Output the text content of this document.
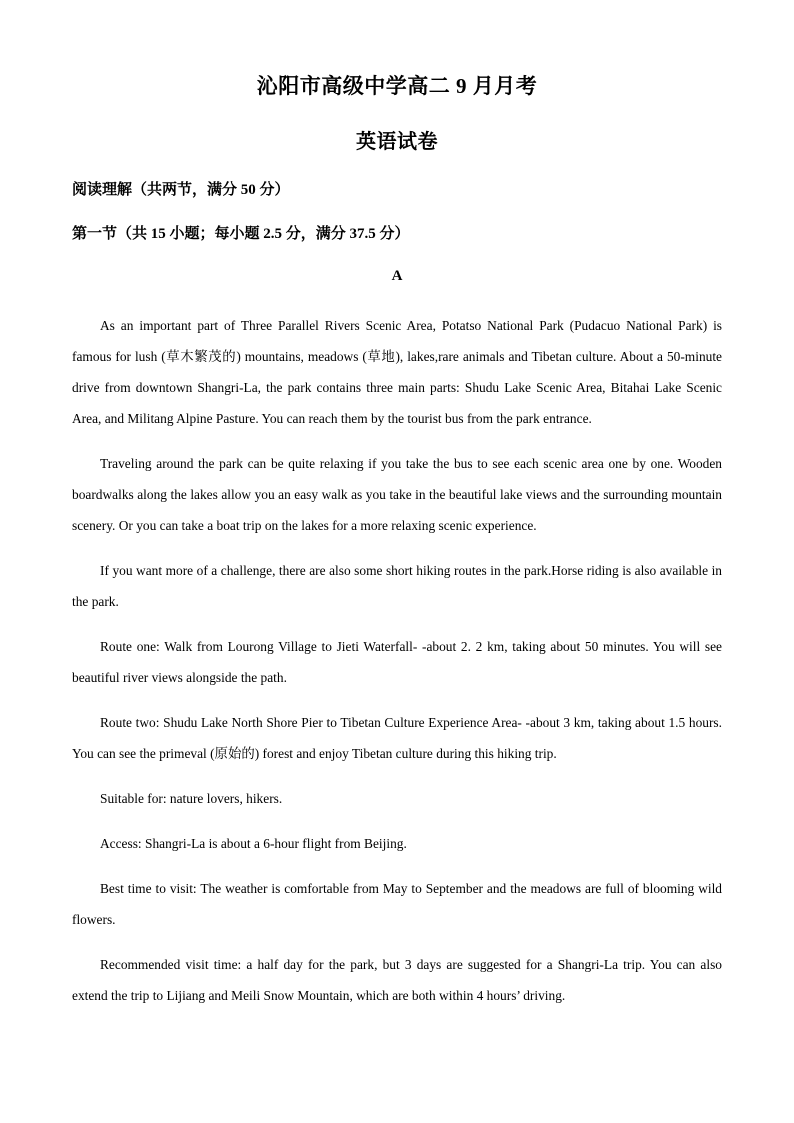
沁阳市高级中学高二 9 月月考
英语试卷
阅读理解（共两节，满分 50 分）
第一节（共 15 小题；每小题 2.5 分，满分 37.5 分）
A

As an important part of Three Parallel Rivers Scenic Area, Potatso National Park (Pudacuo National Park) is famous for lush (草木繁茂的) mountains, meadows (草地), lakes,rare animals and Tibetan culture. About a 50-minute drive from downtown Shangri-La, the park contains three main parts: Shudu Lake Scenic Area, Bitahai Lake Scenic Area, and Militang Alpine Pasture. You can reach them by the tourist bus from the park entrance.

Traveling around the park can be quite relaxing if you take the bus to see each scenic area one by one. Wooden boardwalks along the lakes allow you an easy walk as you take in the beautiful lake views and the surrounding mountain scenery. Or you can take a boat trip on the lakes for a more relaxing scenic experience.

If you want more of a challenge, there are also some short hiking routes in the park.Horse riding is also available in the park.

Route one: Walk from Lourong Village to Jieti Waterfall- -about 2. 2 km, taking about 50 minutes. You will see beautiful river views alongside the path.

Route two: Shudu Lake North Shore Pier to Tibetan Culture Experience Area- -about 3 km, taking about 1.5 hours. You can see the primeval (原始的) forest and enjoy Tibetan culture during this hiking trip.

Suitable for: nature lovers, hikers.

Access: Shangri-La is about a 6-hour flight from Beijing.

Best time to visit: The weather is comfortable from May to September and the meadows are full of blooming wild flowers.

Recommended visit time: a half day for the park, but 3 days are suggested for a Shangri-La trip. You can also extend the trip to Lijiang and Meili Snow Mountain, which are both within 4 hours’ driving.
